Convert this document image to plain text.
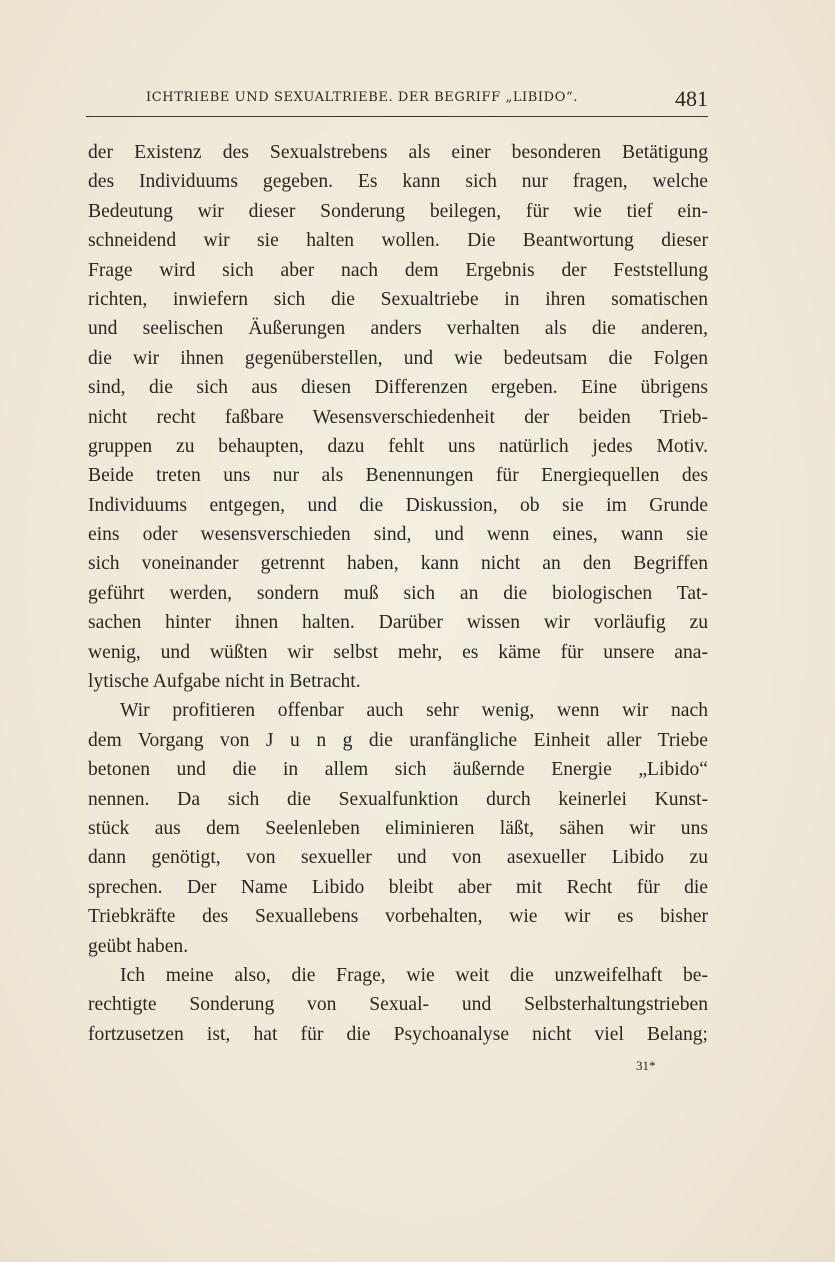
ICHTRIEBE UND SEXUALTRIEBE. DER BEGRIFF „LIBIDO“.	481
der Existenz des Sexualstrebens als einer besonderen Betätigung
des Individuums gegeben. Es kann sich nur fragen, welche
Bedeutung wir dieser Sonderung beilegen, für wie tief ein-
schneidend wir sie halten wollen. Die Beantwortung dieser
Frage wird sich aber nach dem Ergebnis der Feststellung
richten, inwiefern sich die Sexualtriebe in ihren somatischen
und seelischen Äußerungen anders verhalten als die anderen,
die wir ihnen gegenüberstellen, und wie bedeutsam die Folgen
sind, die sich aus diesen Differenzen ergeben. Eine übrigens
nicht recht faßbare Wesensverschiedenheit der beiden Trieb-
gruppen zu behaupten, dazu fehlt uns natürlich jedes Motiv.
Beide treten uns nur als Benennungen für Energiequellen des
Individuums entgegen, und die Diskussion, ob sie im Grunde
eins oder wesensverschieden sind, und wenn eines, wann sie
sich voneinander getrennt haben, kann nicht an den Begriffen
geführt werden, sondern muß sich an die biologischen Tat-
sachen hinter ihnen halten. Darüber wissen wir vorläufig zu
wenig, und wüßten wir selbst mehr, es käme für unsere ana-
lytische Aufgabe nicht in Betracht.
Wir profitieren offenbar auch sehr wenig, wenn wir nach
dem Vorgang von J u n g die uranfängliche Einheit aller Triebe
betonen und die in allem sich äußernde Energie „Libido“
nennen. Da sich die Sexualfunktion durch keinerlei Kunst-
stück aus dem Seelenleben eliminieren läßt, sähen wir uns
dann genötigt, von sexueller und von asexueller Libido zu
sprechen. Der Name Libido bleibt aber mit Recht für die
Triebkräfte des Sexuallebens vorbehalten, wie wir es bisher
geübt haben.
Ich meine also, die Frage, wie weit die unzweifelhaft be-
rechtigte Sonderung von Sexual- und Selbsterhaltungstrieben
fortzusetzen ist, hat für die Psychoanalyse nicht viel Belang;
31*
